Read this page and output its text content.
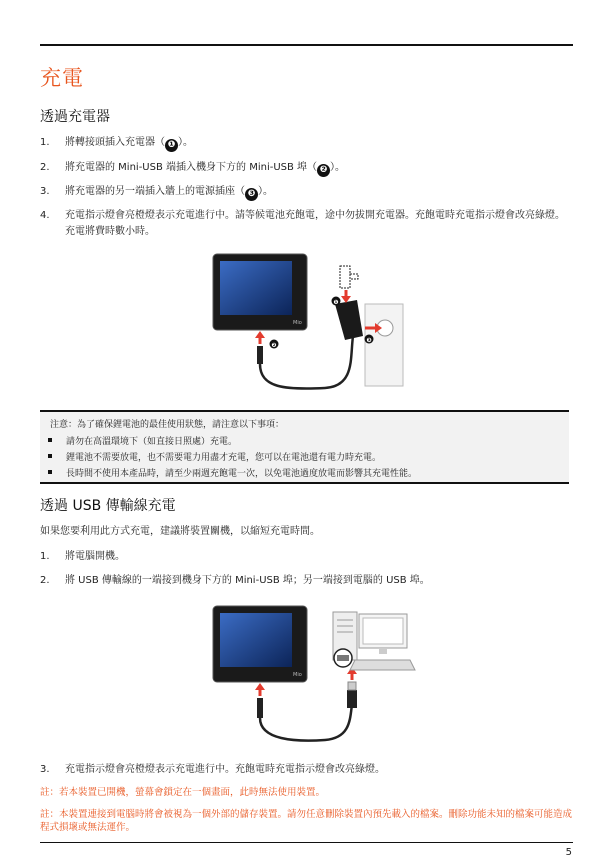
充電
透過充電器
1. 將轉接頭插入充電器（ ❶ ）。
2. 將充電器的 Mini-USB 端插入機身下方的 Mini-USB 埠（ ❷ ）。
3. 將充電器的另一端插入牆上的電源插座（ ❸ ）。
4. 充電指示燈會亮橙燈表示充電進行中。請等候電池充飽電，途中勿拔開充電器。充飽電時充電指示燈會改亮綠燈。充電將費時數小時。
Mio
❷
❶
❸
注意：為了確保鋰電池的最佳使用狀態，請注意以下事項：
請勿在高溫環境下（如直接日照處）充電。
鋰電池不需要放電，也不需要電力用盡才充電，您可以在電池還有電力時充電。
長時間不使用本產品時，請至少兩週充飽電一次，以免電池過度放電而影響其充電性能。
透過 USB 傳輸線充電
如果您要利用此方式充電，建議將裝置關機，以縮短充電時間。
1. 將電腦開機。
2. 將 USB 傳輸線的一端接到機身下方的 Mini-USB 埠；另一端接到電腦的 USB 埠。
Mio
3. 充電指示燈會亮橙燈表示充電進行中。充飽電時充電指示燈會改亮綠燈。
註：若本裝置已開機，螢幕會鎖定在一個畫面，此時無法使用裝置。
註：本裝置連接到電腦時將會被視為一個外部的儲存裝置。請勿任意刪除裝置內預先載入的檔案。刪除功能未知的檔案可能造成程式損壞或無法運作。
5
